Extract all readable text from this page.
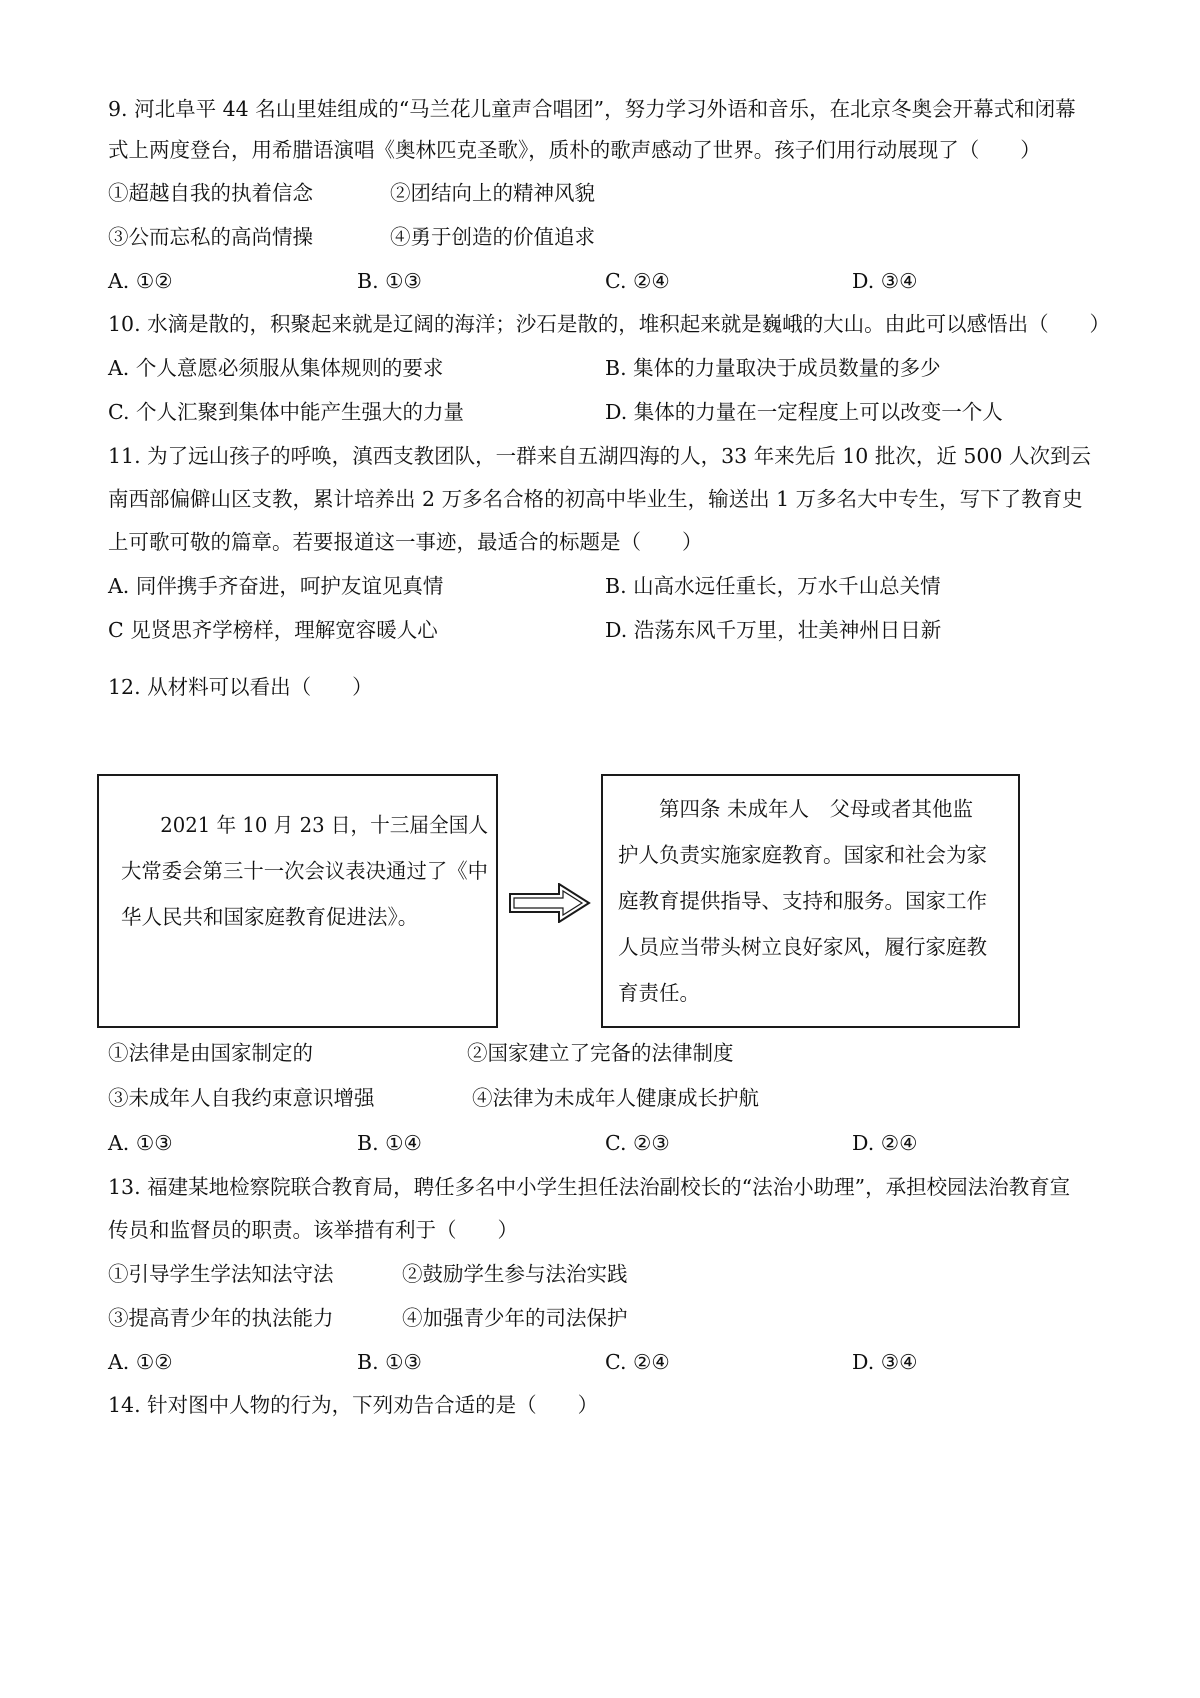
9. 河北阜平 44 名山里娃组成的“马兰花儿童声合唱团”，努力学习外语和音乐，在北京冬奥会开幕式和闭幕
式上两度登台，用希腊语演唱《奥林匹克圣歌》，质朴的歌声感动了世界。孩子们用行动展现了（　　）
①超越自我的执着信念	②团结向上的精神风貌
③公而忘私的高尚情操	④勇于创造的价值追求
A. ①②	B. ①③	C. ②④	D. ③④
10. 水滴是散的，积聚起来就是辽阔的海洋；沙石是散的，堆积起来就是巍峨的大山。由此可以感悟出（　　）
A. 个人意愿必须服从集体规则的要求	B. 集体的力量取决于成员数量的多少
C. 个人汇聚到集体中能产生强大的力量	D. 集体的力量在一定程度上可以改变一个人
11. 为了远山孩子的呼唤，滇西支教团队，一群来自五湖四海的人，33 年来先后 10 批次，近 500 人次到云
南西部偏僻山区支教，累计培养出 2 万多名合格的初高中毕业生，输送出 1 万多名大中专生，写下了教育史
上可歌可敬的篇章。若要报道这一事迹，最适合的标题是（　　）
A. 同伴携手齐奋进，呵护友谊见真情	B. 山高水远任重长，万水千山总关情
C 见贤思齐学榜样，理解宽容暖人心	D. 浩荡东风千万里，壮美神州日日新
12. 从材料可以看出（　　）
　　2021 年 10 月 23 日，十三届全国人
大常委会第三十一次会议表决通过了《中
华人民共和国家庭教育促进法》。
　　第四条 未成年人　父母或者其他监
护人负责实施家庭教育。国家和社会为家
庭教育提供指导、支持和服务。国家工作
人员应当带头树立良好家风，履行家庭教
育责任。
①法律是由国家制定的	②国家建立了完备的法律制度
③未成年人自我约束意识增强	④法律为未成年人健康成长护航
A. ①③	B. ①④	C. ②③	D. ②④
13. 福建某地检察院联合教育局，聘任多名中小学生担任法治副校长的“法治小助理”，承担校园法治教育宣
传员和监督员的职责。该举措有利于（　　）
①引导学生学法知法守法	②鼓励学生参与法治实践
③提高青少年的执法能力	④加强青少年的司法保护
A. ①②	B. ①③	C. ②④	D. ③④
14. 针对图中人物的行为，下列劝告合适的是（　　）
